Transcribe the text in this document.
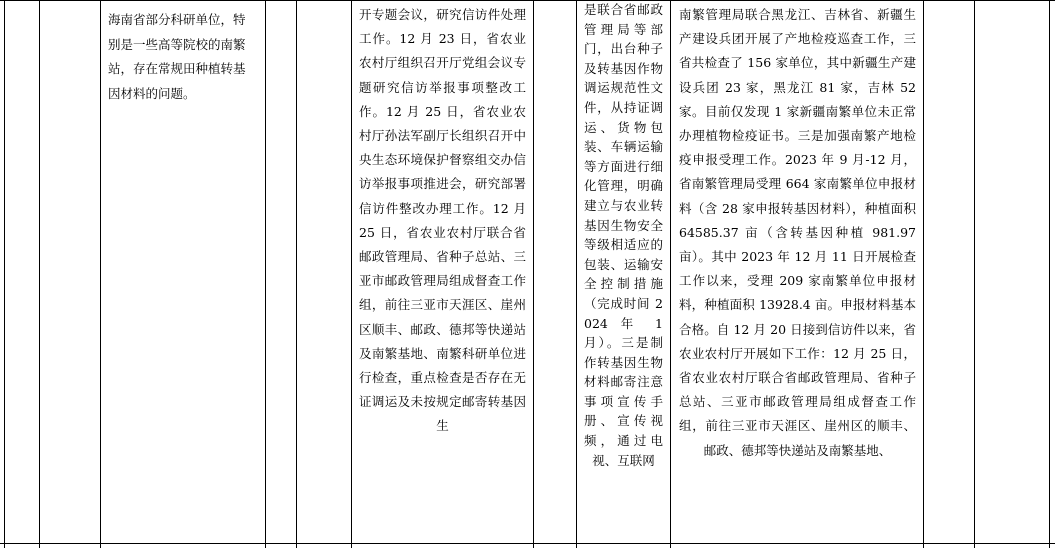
海南省部分科研单位，特别是一些高等院校的南繁站，存在常规田种植转基因材料的问题。

开专题会议，研究信访件处理工作。12 月 23 日，省农业农村厅组织召开厅党组会议专题研究信访举报事项整改工作。12 月 25 日，省农业农村厅孙法军副厅长组织召开中央生态环境保护督察组交办信访举报事项推进会，研究部署信访件整改办理工作。12 月 25 日，省农业农村厅联合省邮政管理局、省种子总站、三亚市邮政管理局组成督查工作组，前往三亚市天涯区、崖州区顺丰、邮政、德邦等快递站及南繁基地、南繁科研单位进行检查，重点检查是否存在无证调运及未按规定邮寄转基因生

是联合省邮政管理局等部门，出台种子及转基因作物调运规范性文件，从持证调运、货物包装、车辆运输等方面进行细化管理，明确建立与农业转基因生物安全等级相适应的包装、运输安全控制措施（完成时间 2024 年 1 月）。三是制作转基因生物材料邮寄注意事项宣传手册、宣传视频，通过电视、互联网

南繁管理局联合黑龙江、吉林省、新疆生产建设兵团开展了产地检疫巡查工作，三省共检查了 156 家单位，其中新疆生产建设兵团 23 家，黑龙江 81 家，吉林 52 家。目前仅发现 1 家新疆南繁单位未正常办理植物检疫证书。三是加强南繁产地检疫申报受理工作。2023 年 9 月-12 月，省南繁管理局受理 664 家南繁单位申报材料（含 28 家申报转基因材料），种植面积 64585.37 亩（含转基因种植 981.97 亩）。其中 2023 年 12 月 11 日开展检查工作以来，受理 209 家南繁单位申报材料，种植面积 13928.4 亩。申报材料基本合格。自 12 月 20 日接到信访件以来，省农业农村厅开展如下工作：12 月 25 日，省农业农村厅联合省邮政管理局、省种子总站、三亚市邮政管理局组成督查工作组，前往三亚市天涯区、崖州区的顺丰、邮政、德邦等快递站及南繁基地、
